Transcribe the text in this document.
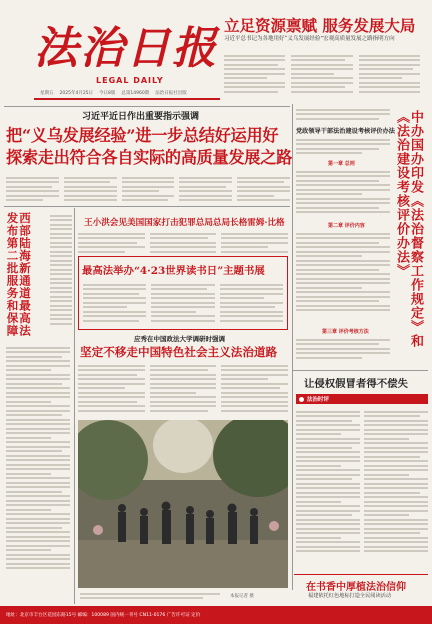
法治日报
LEGAL DAILY
星期五 2025年4月25日 今日8版 总第14960期 法治日报社出版
立足资源禀赋 服务发展大局
习近平总书记为各地用好“义乌发展经验”宏观高质量发展之路指明方向
习近平近日作出重要指示强调
把“义乌发展经验”进一步总结好运用好
探索走出符合各自实际的高质量发展之路
西部陆海新通道最高法发布第二批服务和保障	王小洪会见美国国家打击犯罪总局总局长格雷姆·比格
最高法举办“4·23世界读书日”主题书展
应秀在中国政法大学调研时强调
坚定不移走中国特色社会主义法治道路
本报记者 摄
党政领导干部法治建设考核评价办法
第一章 总则
第二章 评价内容
第三章 评价考核方法	中办国办印发《法治督察工作规定》和《法治建设考核评价办法》
让侵权假冒者得不偿失
法治时评
在书香中厚植法治信仰
福建依托红色地标打造全民阅读活动
地址：北京市丰台区花园东路15号 邮编：100089 国内统一刊号 CN11-0176 广告许可证 定价
